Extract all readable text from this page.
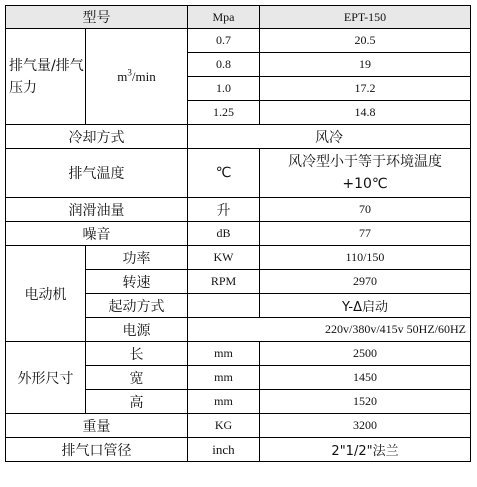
型号		Mpa	EPT-150
排气量/排气压力	$m^3/\min$	0.7	20.5
		0.8	19
		1.0	17.2
		1.25	14.8
冷却方式		风冷	
排气温度		℃	风冷型小于等于环境温度
+10℃

润滑油量		升	70
噪音		dB	77
电动机	功率	KW	110/150
	转速	RPM	2970
	起动方式		Y-Δ启动
	电源	220v/380v/415v 50HZ/60HZ	
外形尺寸	长	mm	2500
	宽	mm	1450
	高	mm	1520
重量		KG	3200
排气口管径		inch	2"1/2"法兰
